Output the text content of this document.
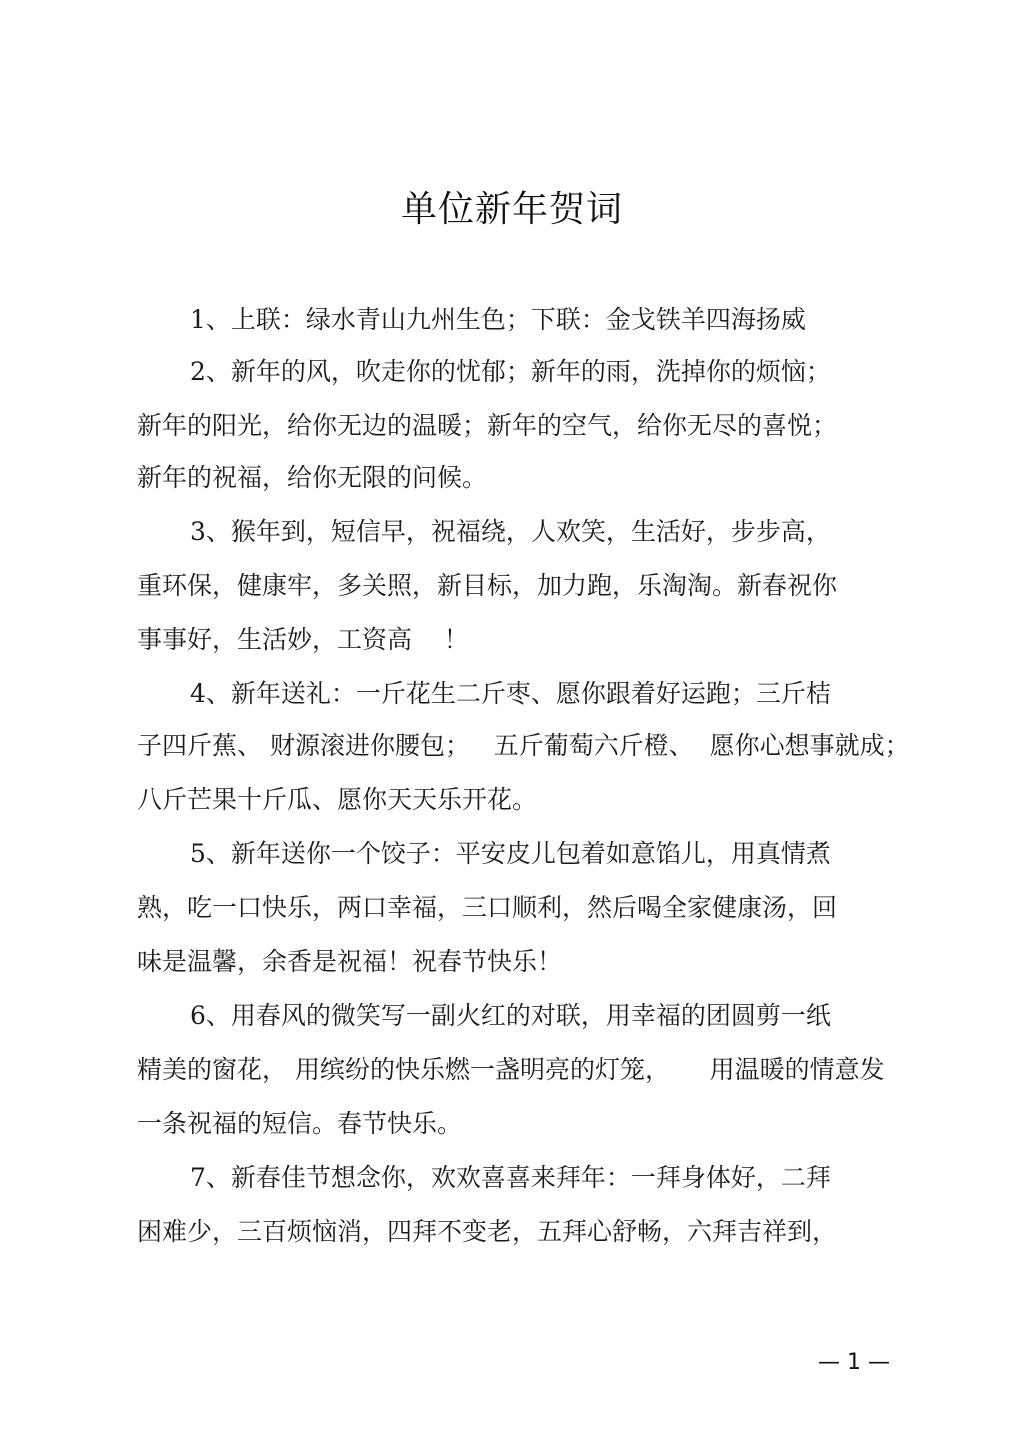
单位新年贺词
1、上联：绿水青山九州生色；下联：金戈铁羊四海扬威
2、新年的风，吹走你的忧郁；新年的雨，洗掉你的烦恼；
新年的阳光，给你无边的温暖；新年的空气，给你无尽的喜悦；
新年的祝福，给你无限的问候。
3、猴年到，短信早，祝福绕，人欢笑，生活好，步步高，
重环保，健康牢，多关照，新目标，加力跑，乐淘淘。新春祝你
事事好，生活妙，工资高    ！
4、新年送礼：一斤花生二斤枣、愿你跟着好运跑；三斤桔
子四斤蕉、 财源滚进你腰包；   五斤葡萄六斤橙、  愿你心想事就成；
八斤芒果十斤瓜、愿你天天乐开花。
5、新年送你一个饺子：平安皮儿包着如意馅儿，用真情煮
熟，吃一口快乐，两口幸福，三口顺利，然后喝全家健康汤，回
味是温馨，余香是祝福！祝春节快乐！
6、用春风的微笑写一副火红的对联，用幸福的团圆剪一纸
精美的窗花， 用缤纷的快乐燃一盏明亮的灯笼，     用温暖的情意发
一条祝福的短信。春节快乐。
7、新春佳节想念你，欢欢喜喜来拜年：一拜身体好，二拜
困难少，三百烦恼消，四拜不变老，五拜心舒畅，六拜吉祥到，
— 1 —
